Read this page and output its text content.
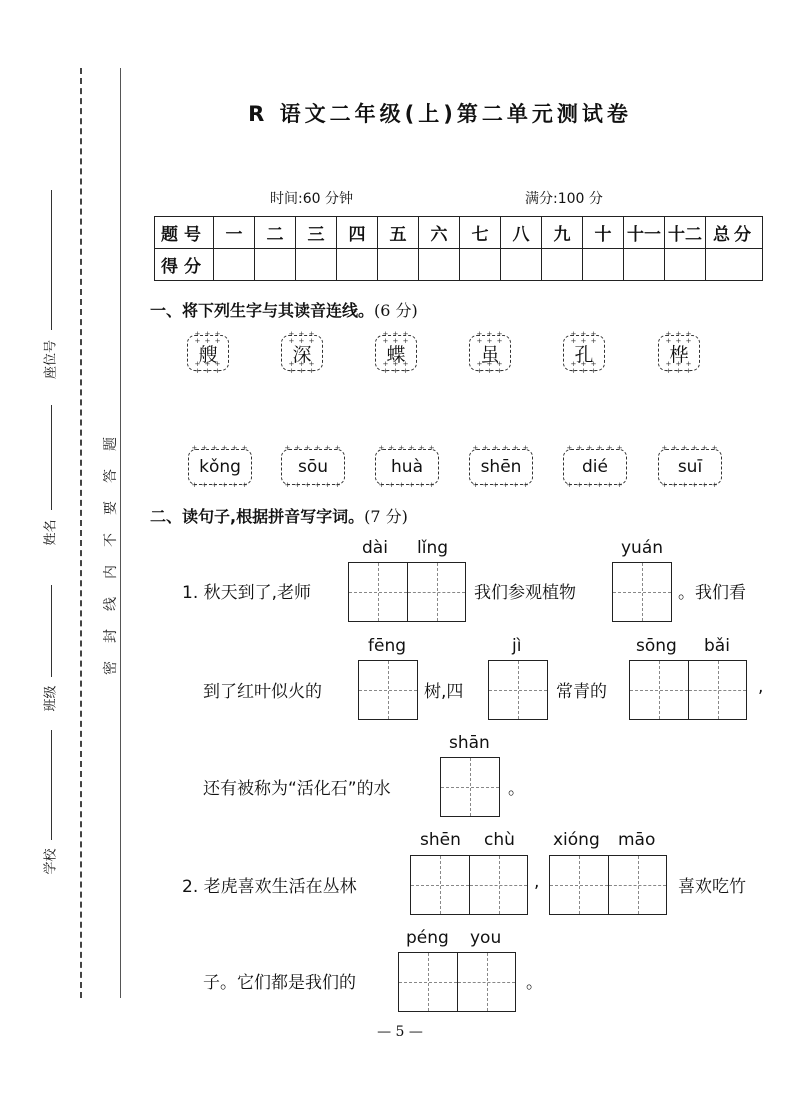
座位号
姓名
班级
学校
密封线内不要答题
R 语文二年级(上)第二单元测试卷
时间:60 分钟	满分:100 分
题号	一	二	三	四	五	六	七	八	九	十	十一	十二	总分
得分													
一、将下列生字与其读音连线。(6 分)
+ + + + + + 艘 + + + + + +	+ + + + + + 深 + + + + + +	+ + + + + + 蝶 + + + + + +	+ + + + + + 虽 + + + + + +	+ + + + + + 孔 + + + + + +	+ + + + + + 桦 + + + + + +
+ + + + + + kǒng + + + + + +	+ + + + + + sōu + + + + + +	+ + + + + + huà + + + + + +	+ + + + + + shēn + + + + + +	+ + + + + + dié + + + + + +	+ + + + + + suī + + + + + +
二、读句子,根据拼音写字词。(7 分)
dài lǐng	yuán
1. 秋天到了,老师	我们参观植物	。我们看
fēng	jì	sōng bǎi
到了红叶似火的	树,四	常青的	,
shān
还有被称为“活化石”的水	。
shēn chù xióng māo
2. 老虎喜欢生活在丛林	,	喜欢吃竹
péng you
子。它们都是我们的	。
— 5 —
